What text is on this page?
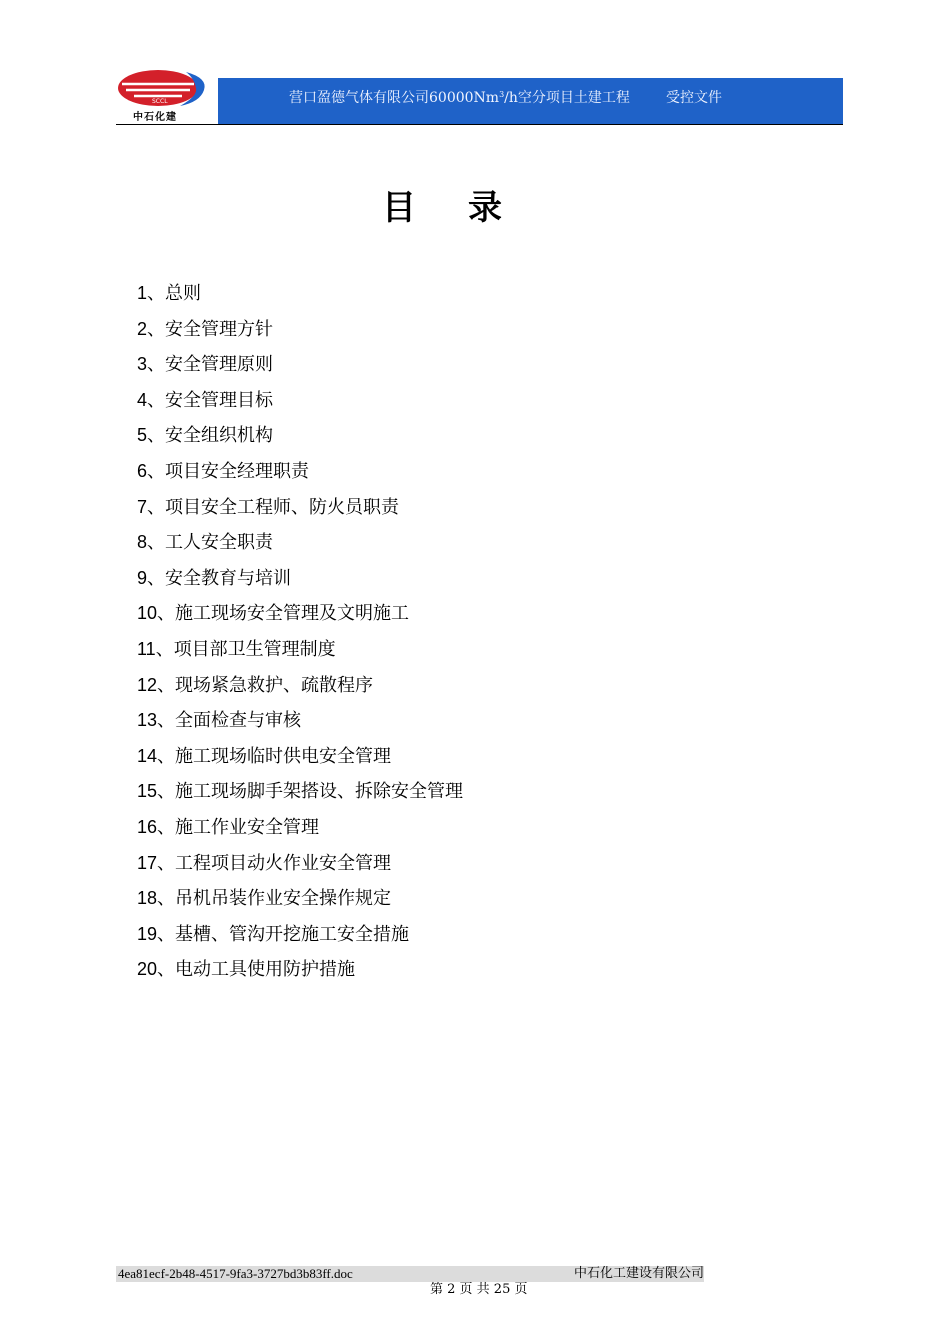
SCCL
中石化建
营口盈德气体有限公司60000Nm$^3$/h空分项目土建工程	受控文件
目 录
1、总则
2、安全管理方针
3、安全管理原则
4、安全管理目标
5、安全组织机构
6、项目安全经理职责
7、项目安全工程师、防火员职责
8、工人安全职责
9、安全教育与培训
10、施工现场安全管理及文明施工
11、项目部卫生管理制度
12、现场紧急救护、疏散程序
13、全面检查与审核
14、施工现场临时供电安全管理
15、施工现场脚手架搭设、拆除安全管理
16、施工作业安全管理
17、工程项目动火作业安全管理
18、吊机吊装作业安全操作规定
19、基槽、管沟开挖施工安全措施
20、电动工具使用防护措施
4ea81ecf-2b48-4517-9fa3-3727bd3b83ff.doc	中石化工建设有限公司
第 2 页 共 25 页
